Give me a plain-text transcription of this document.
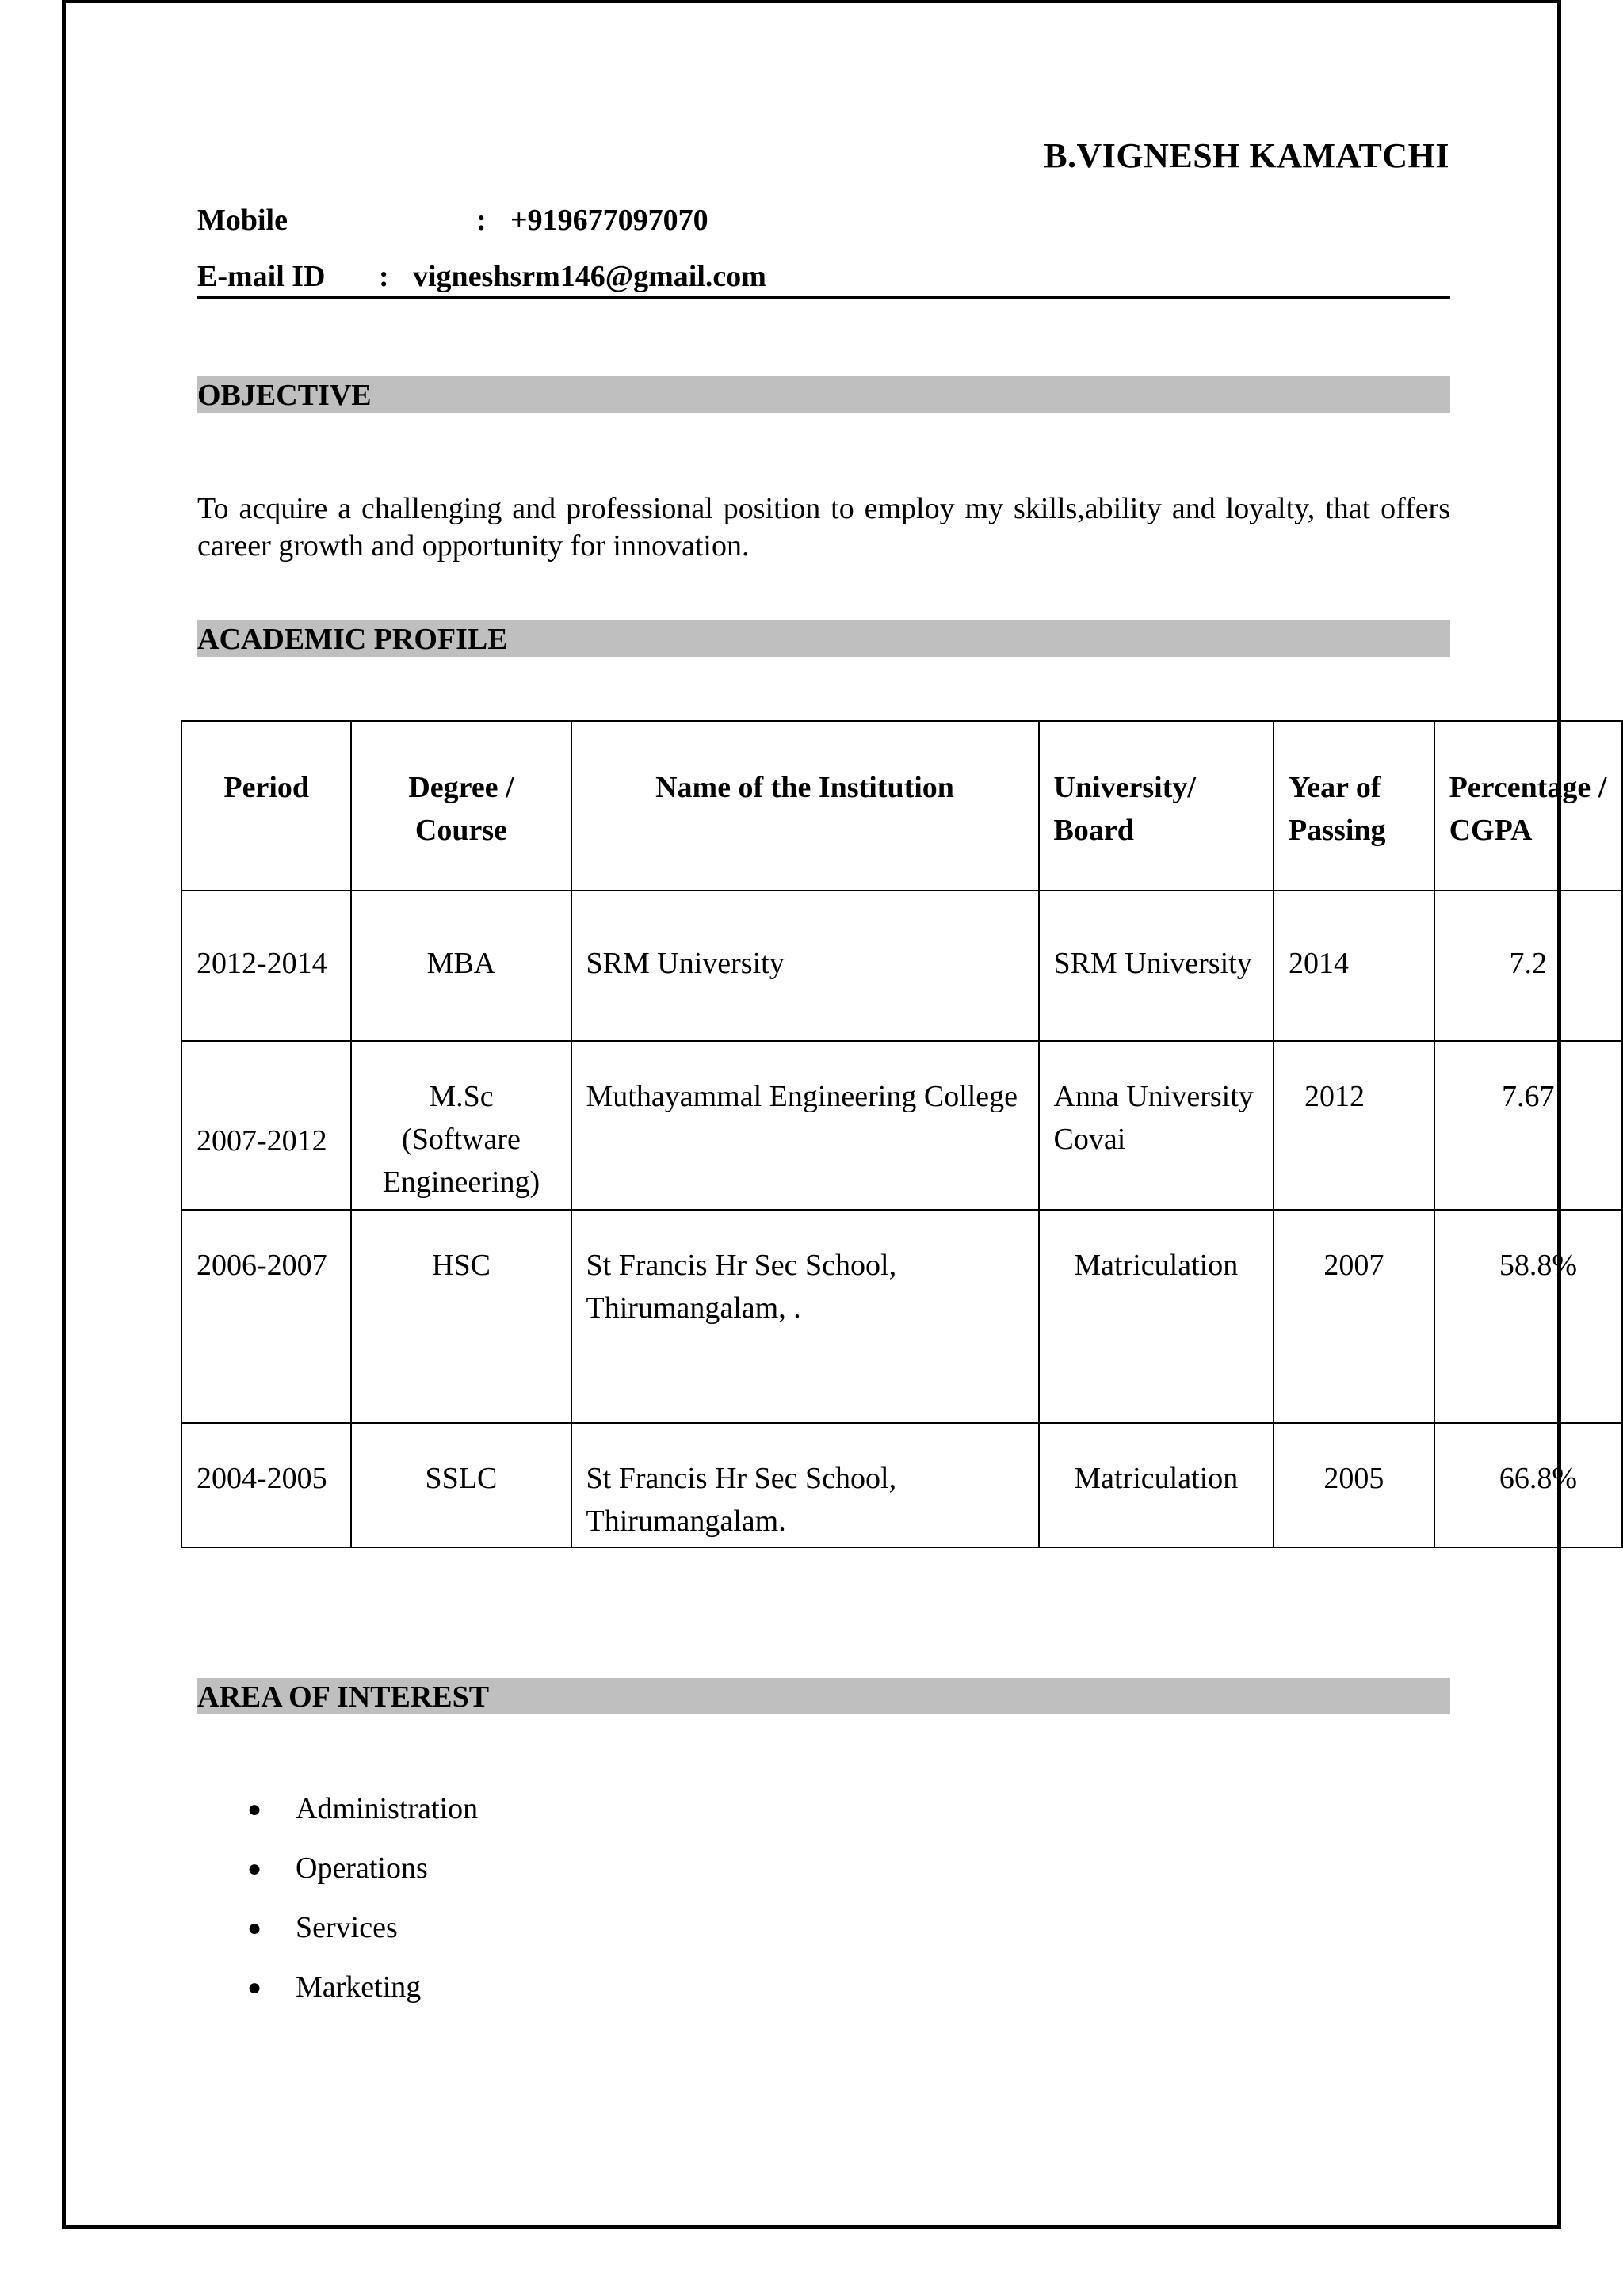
B.VIGNESH KAMATCHI
Mobile	: +919677097070
E-mail ID : vigneshsrm146@gmail.com
OBJECTIVE
To acquire a challenging and professional position to employ my skills,ability and loyalty, that offers career growth and opportunity for innovation.
ACADEMIC PROFILE
Period	Degree / Course	Name of the Institution	University/ Board	Year of Passing	Percentage / CGPA
2012-2014	MBA	SRM University	SRM University	2014	7.2
2007-2012	M.Sc (Software Engineering)	Muthayammal Engineering College	Anna University Covai	2012	7.67
2006-2007	HSC	St Francis Hr Sec School, Thirumangalam, .	Matriculation	2007	58.8%
2004-2005	SSLC	St Francis Hr Sec School, Thirumangalam.	Matriculation	2005	66.8%
AREA OF INTEREST
● Administration
● Operations
● Services
● Marketing
